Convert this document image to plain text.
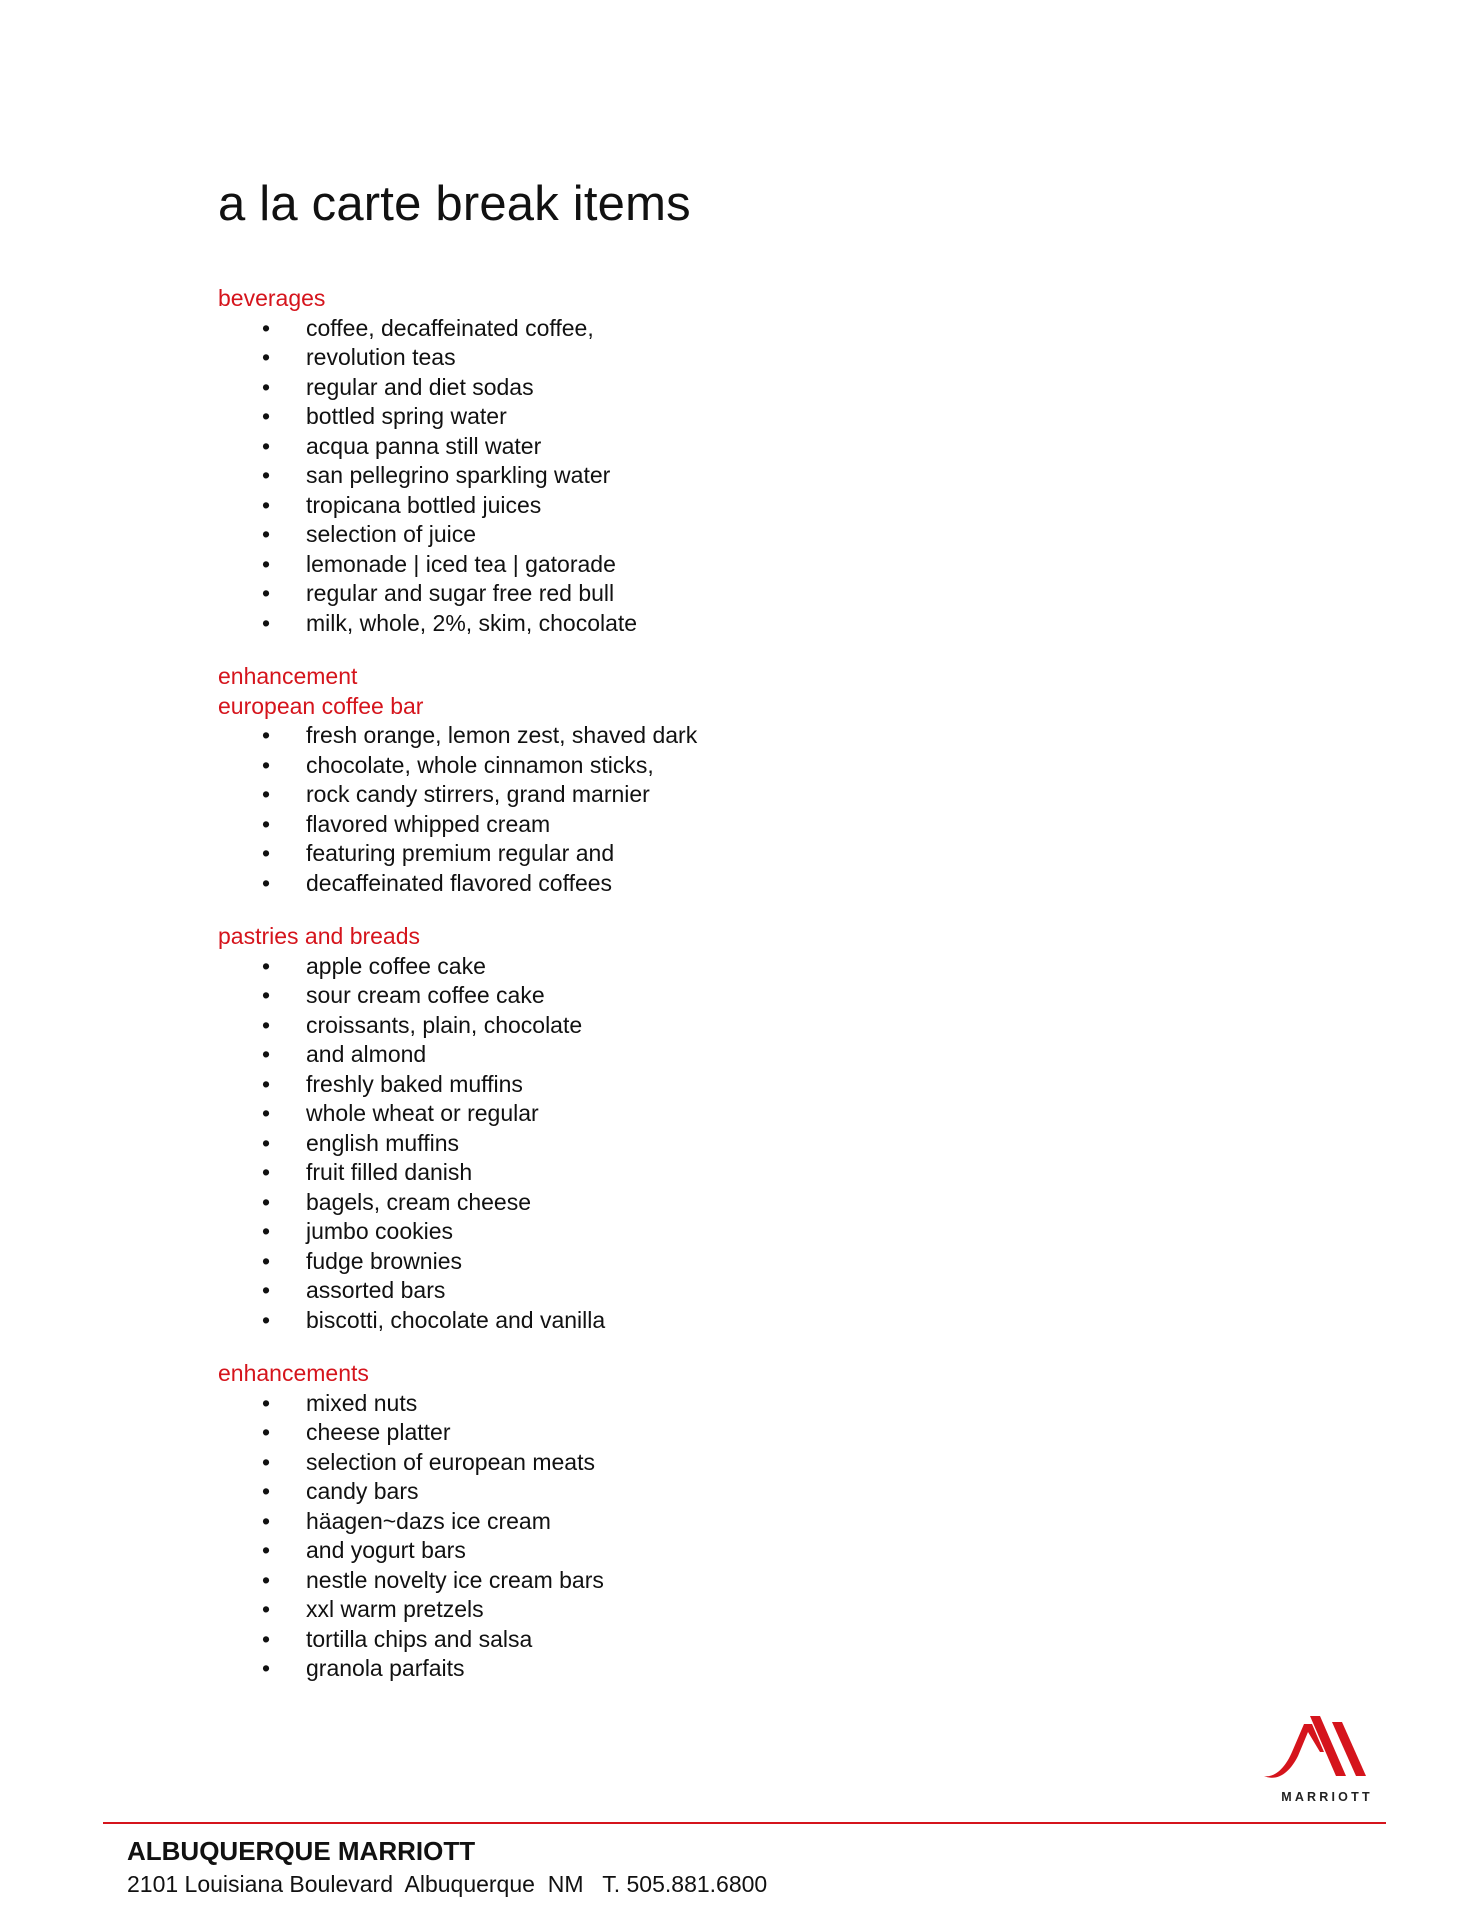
a la carte break items
beverages
• coffee, decaffeinated coffee,
• revolution teas
• regular and diet sodas
• bottled spring water
• acqua panna still water
• san pellegrino sparkling water
• tropicana bottled juices
• selection of juice
• lemonade | iced tea | gatorade
• regular and sugar free red bull
• milk, whole, 2%, skim, chocolate
enhancement
european coffee bar
• fresh orange, lemon zest, shaved dark
• chocolate, whole cinnamon sticks,
• rock candy stirrers, grand marnier
• flavored whipped cream
• featuring premium regular and
• decaffeinated flavored coffees
pastries and breads
• apple coffee cake
• sour cream coffee cake
• croissants, plain, chocolate
• and almond
• freshly baked muffins
• whole wheat or regular
• english muffins
• fruit filled danish
• bagels, cream cheese
• jumbo cookies
• fudge brownies
• assorted bars
• biscotti, chocolate and vanilla
enhancements
• mixed nuts
• cheese platter
• selection of european meats
• candy bars
• häagen~dazs ice cream
• and yogurt bars
• nestle novelty ice cream bars
• xxl warm pretzels
• tortilla chips and salsa
• granola parfaits
MARRIOTT
ALBUQUERQUE MARRIOTT
2101 Louisiana Boulevard  Albuquerque  NM   T. 505.881.6800
